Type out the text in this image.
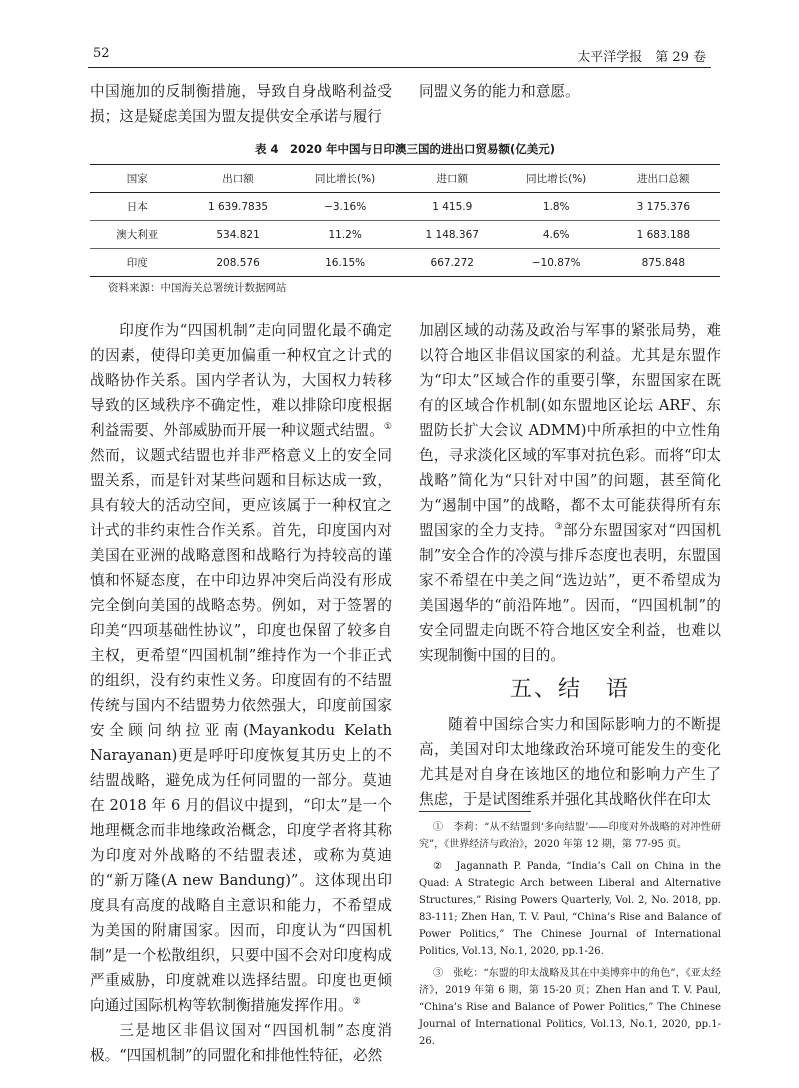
52	太平洋学报　第 29 卷

中国施加的反制衡措施，导致自身战略利益受损；这是疑虑美国为盟友提供安全承诺与履行

同盟义务的能力和意愿。

表 4　2020 年中国与日印澳三国的进出口贸易额(亿美元)
国家	出口额	同比增长(%)	进口额	同比增长(%)	进出口总额
日本	1 639.7835	−3.16%	1 415.9	1.8%	3 175.376
澳大利亚	534.821	11.2%	1 148.367	4.6%	1 683.188
印度	208.576	16.15%	667.272	−10.87%	875.848
资料来源：中国海关总署统计数据网站

印度作为“四国机制”走向同盟化最不确定的因素，使得印美更加偏重一种权宜之计式的战略协作关系。国内学者认为，大国权力转移导致的区域秩序不确定性，难以排除印度根据利益需要、外部威胁而开展一种议题式结盟。①然而，议题式结盟也并非严格意义上的安全同盟关系，而是针对某些问题和目标达成一致，具有较大的活动空间，更应该属于一种权宜之计式的非约束性合作关系。首先，印度国内对美国在亚洲的战略意图和战略行为持较高的谨慎和怀疑态度，在中印边界冲突后尚没有形成完全倒向美国的战略态势。例如，对于签署的印美“四项基础性协议”，印度也保留了较多自主权，更希望“四国机制”维持作为一个非正式的组织，没有约束性义务。印度固有的不结盟传统与国内不结盟势力依然强大，印度前国家安全顾问纳拉亚南(Mayankodu Kelath Narayanan)更是呼吁印度恢复其历史上的不结盟战略，避免成为任何同盟的一部分。莫迪在 2018 年 6 月的倡议中提到，“印太”是一个地理概念而非地缘政治概念，印度学者将其称为印度对外战略的不结盟表述，或称为莫迪的“新万隆(A new Bandung)”。这体现出印度具有高度的战略自主意识和能力，不希望成为美国的附庸国家。因而，印度认为“四国机制”是一个松散组织，只要中国不会对印度构成严重威胁，印度就难以选择结盟。印度也更倾向通过国际机构等软制衡措施发挥作用。②

三是地区非倡议国对“四国机制”态度消极。“四国机制”的同盟化和排他性特征，必然

加剧区域的动荡及政治与军事的紧张局势，难以符合地区非倡议国家的利益。尤其是东盟作为“印太”区域合作的重要引擎，东盟国家在既有的区域合作机制(如东盟地区论坛 ARF、东盟防长扩大会议 ADMM)中所承担的中立性角色，寻求淡化区域的军事对抗色彩。而将“印太战略”简化为“只针对中国”的问题，甚至简化为“遏制中国”的战略，都不太可能获得所有东盟国家的全力支持。③部分东盟国家对“四国机制”安全合作的冷漠与排斥态度也表明，东盟国家不希望在中美之间“选边站”，更不希望成为美国遏华的“前沿阵地”。因而，“四国机制”的安全同盟走向既不符合地区安全利益，也难以实现制衡中国的目的。

五、结　语

随着中国综合实力和国际影响力的不断提高，美国对印太地缘政治环境可能发生的变化尤其是对自身在该地区的地位和影响力产生了焦虑，于是试图维系并强化其战略伙伴在印太

①　李莉：“从不结盟到‘多向结盟’——印度对外战略的对冲性研究”，《世界经济与政治》，2020 年第 12 期，第 77-95 页。

②　Jagannath P. Panda, “India’s Call on China in the Quad: A Strategic Arch between Liberal and Alternative Structures,” Rising Powers Quarterly, Vol. 2, No. 2018, pp. 83-111; Zhen Han, T. V. Paul, “China’s Rise and Balance of Power Politics,” The Chinese Journal of International Politics, Vol.13, No.1, 2020, pp.1-26.

③　张屹：“东盟的印太战略及其在中美博弈中的角色”，《亚太经济》，2019 年第 6 期，第 15-20 页；Zhen Han and T. V. Paul, “China’s Rise and Balance of Power Politics,” The Chinese Journal of International Politics, Vol.13, No.1, 2020, pp.1-26.
